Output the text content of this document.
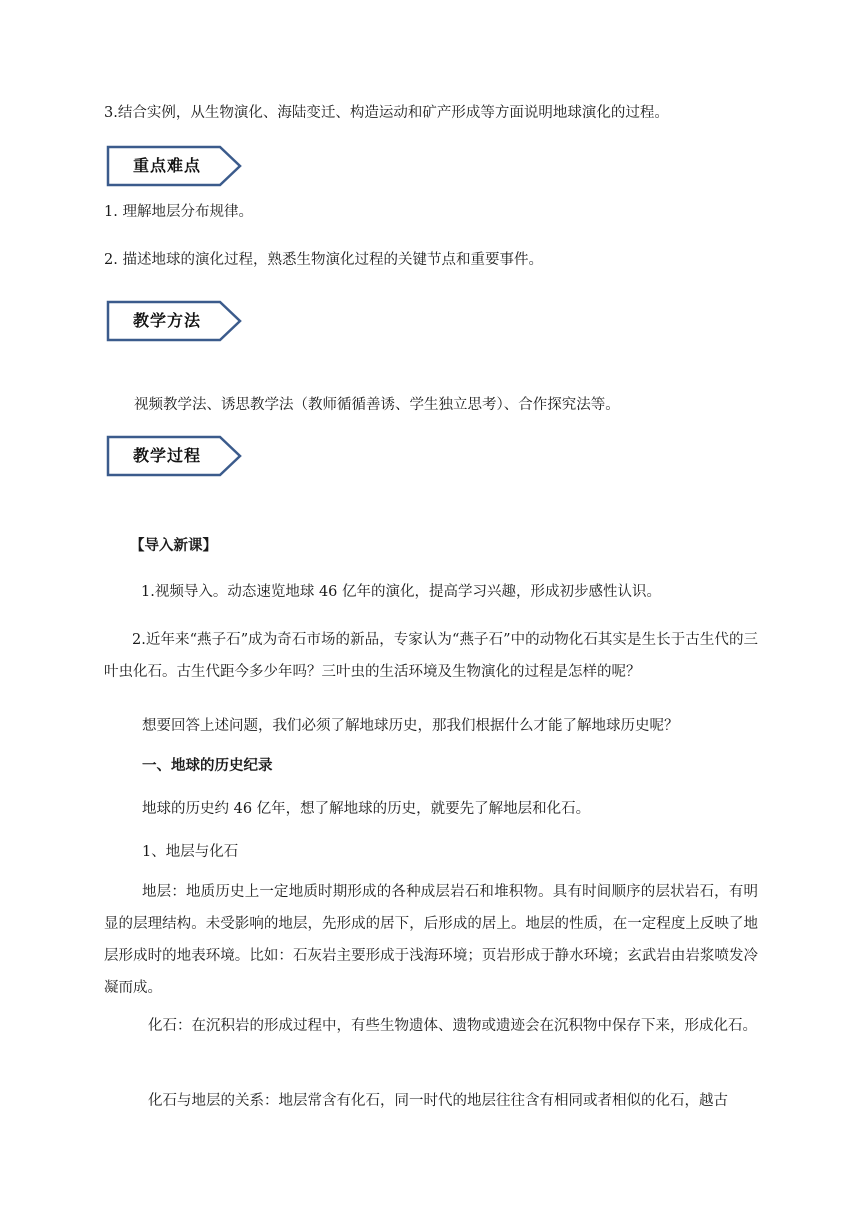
3.结合实例，从生物演化、海陆变迁、构造运动和矿产形成等方面说明地球演化的过程。

重点难点

1. 理解地层分布规律。

2. 描述地球的演化过程，熟悉生物演化过程的关键节点和重要事件。

教学方法

视频教学法、诱思教学法（教师循循善诱、学生独立思考）、合作探究法等。

教学过程

【导入新课】

1.视频导入。动态速览地球 46 亿年的演化，提高学习兴趣，形成初步感性认识。

2.近年来“燕子石”成为奇石市场的新品，专家认为“燕子石”中的动物化石其实是生长于古生代的三叶虫化石。古生代距今多少年吗？三叶虫的生活环境及生物演化的过程是怎样的呢？

想要回答上述问题，我们必须了解地球历史，那我们根据什么才能了解地球历史呢？

一、地球的历史纪录

地球的历史约 46 亿年，想了解地球的历史，就要先了解地层和化石。

1、地层与化石

地层：地质历史上一定地质时期形成的各种成层岩石和堆积物。具有时间顺序的层状岩石，有明显的层理结构。未受影响的地层，先形成的居下，后形成的居上。地层的性质，在一定程度上反映了地层形成时的地表环境。比如：石灰岩主要形成于浅海环境；页岩形成于静水环境；玄武岩由岩浆喷发冷凝而成。

化石：在沉积岩的形成过程中，有些生物遗体、遗物或遗迹会在沉积物中保存下来，形成化石。

化石与地层的关系：地层常含有化石，同一时代的地层往往含有相同或者相似的化石，越古
